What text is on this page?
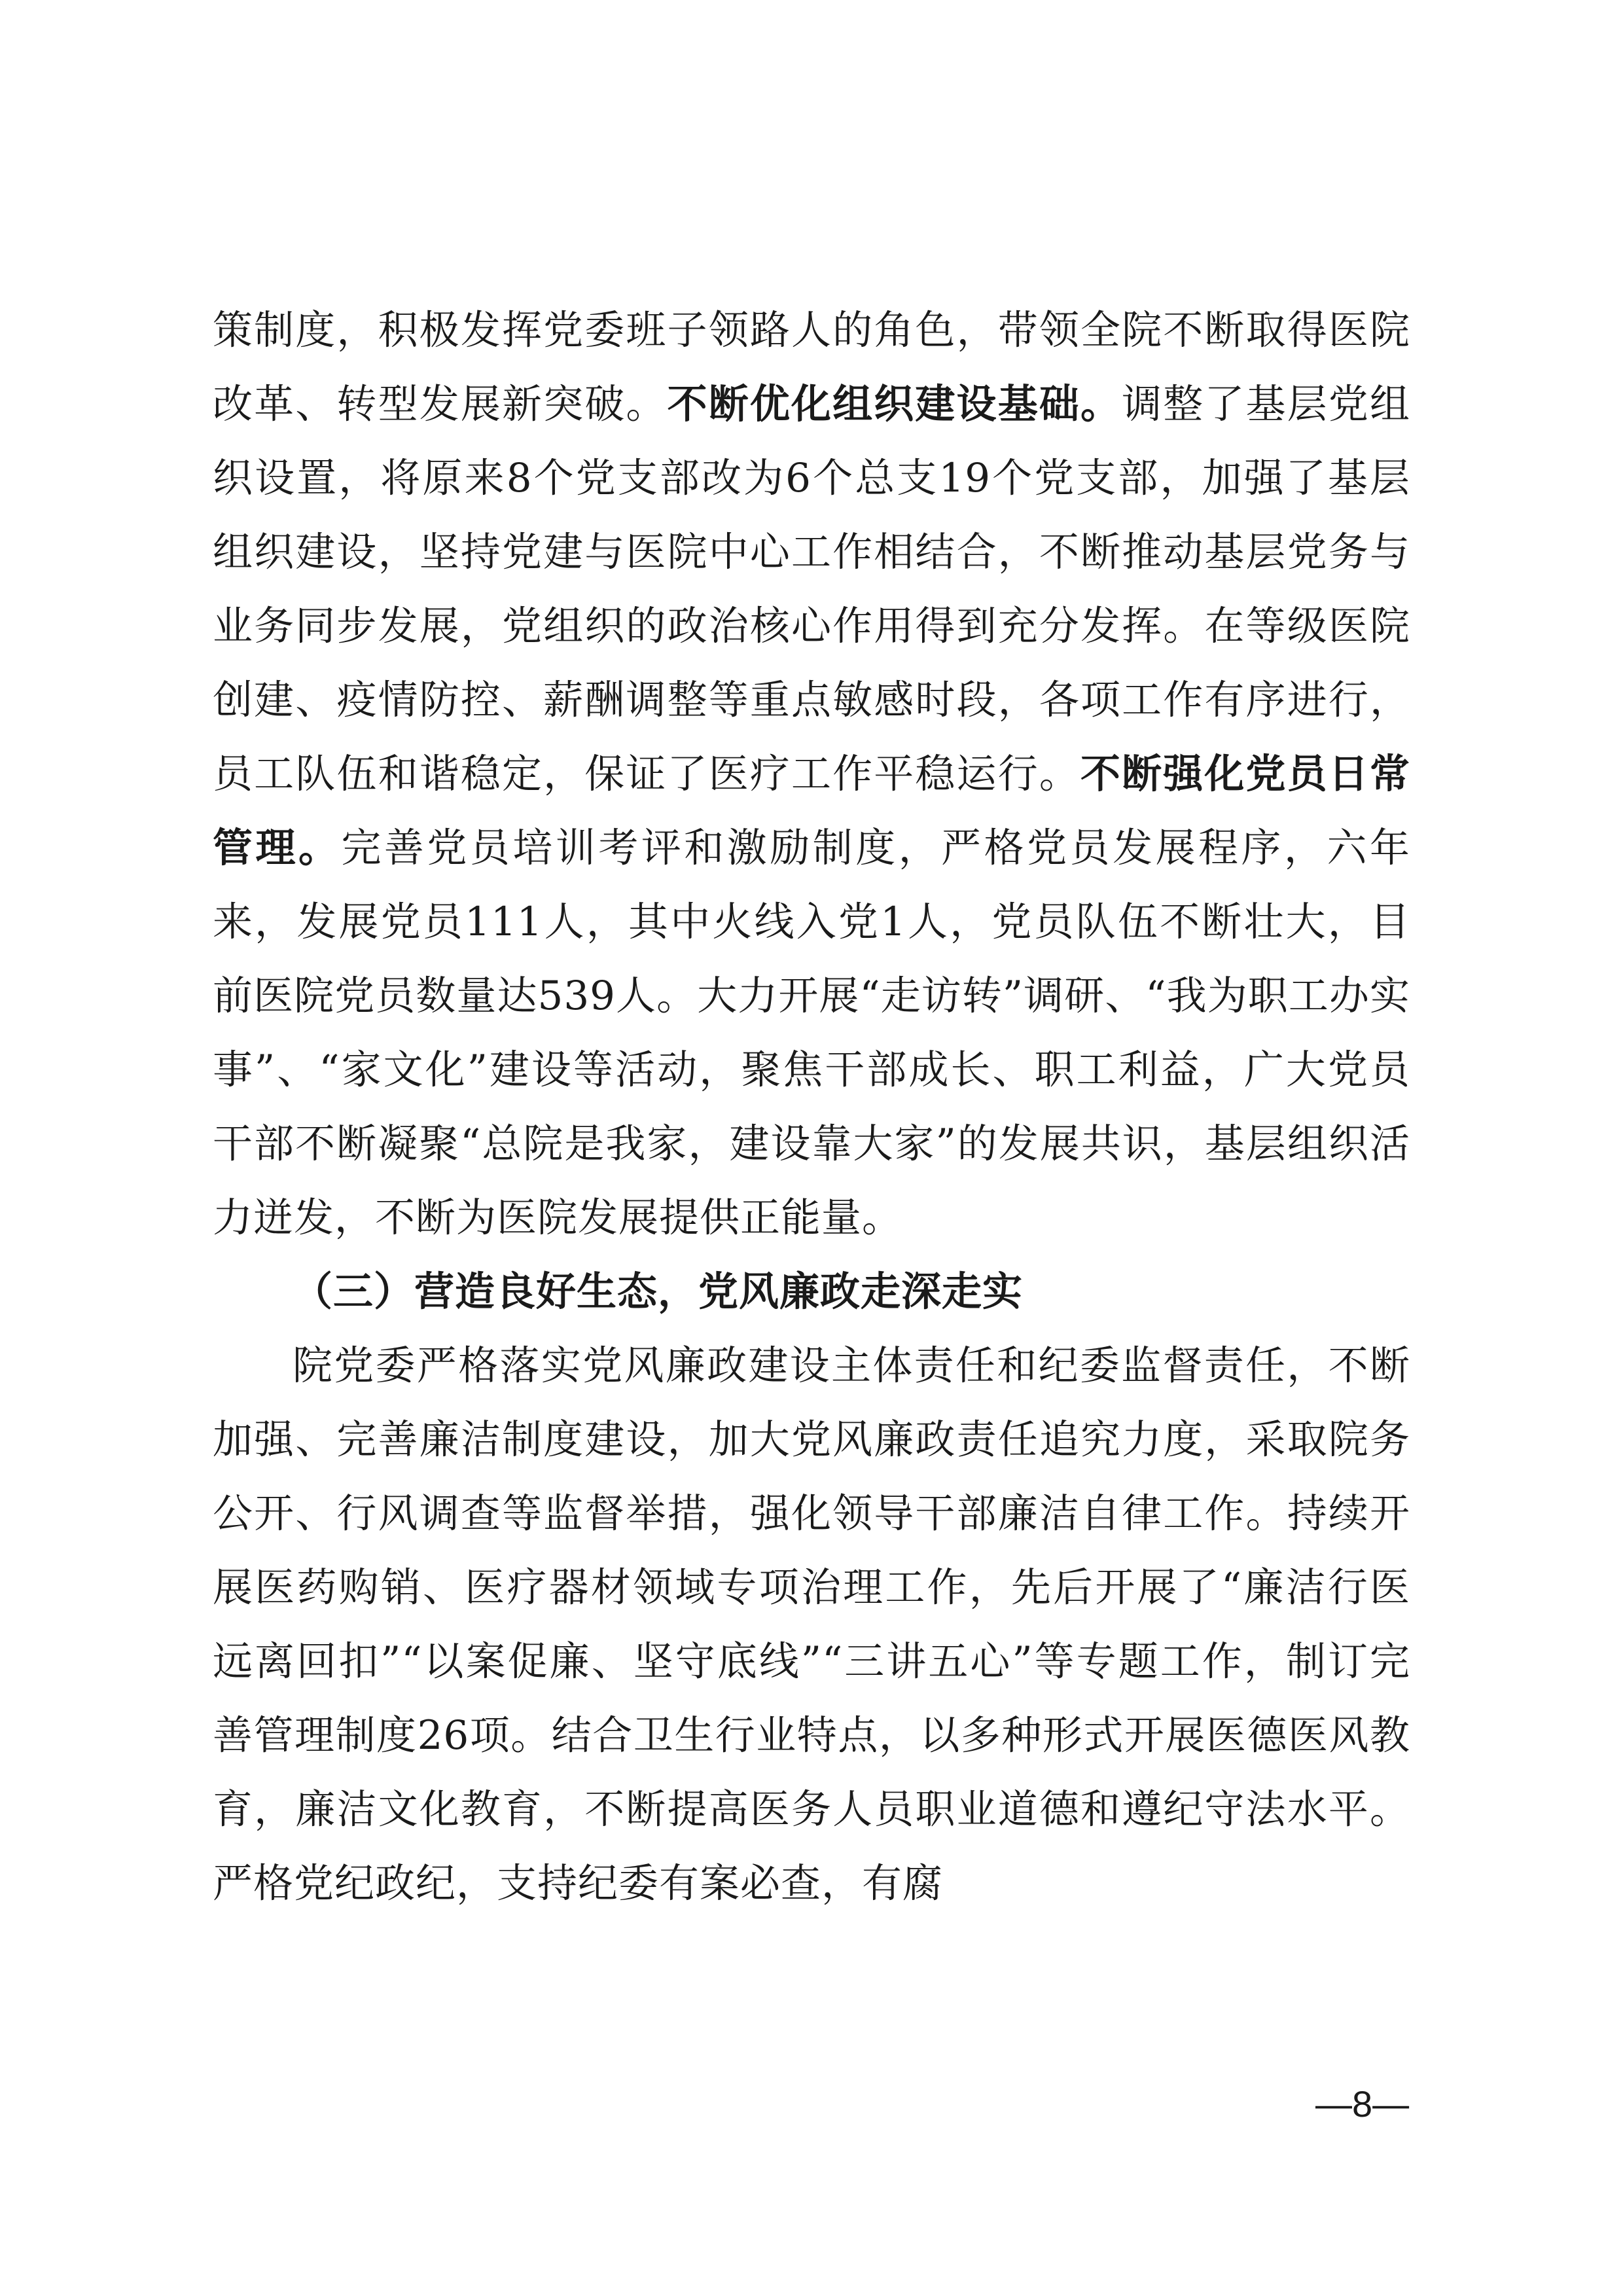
策制度，积极发挥党委班子领路人的角色，带领全院不断取得医院改革、转型发展新突破。不断优化组织建设基础。调整了基层党组织设置，将原来8个党支部改为6个总支19个党支部，加强了基层组织建设，坚持党建与医院中心工作相结合，不断推动基层党务与业务同步发展，党组织的政治核心作用得到充分发挥。在等级医院创建、疫情防控、薪酬调整等重点敏感时段，各项工作有序进行，员工队伍和谐稳定，保证了医疗工作平稳运行。不断强化党员日常管理。完善党员培训考评和激励制度，严格党员发展程序，六年来，发展党员111人，其中火线入党1人，党员队伍不断壮大，目前医院党员数量达539人。大力开展“走访转”调研、“我为职工办实事”、“家文化”建设等活动，聚焦干部成长、职工利益，广大党员干部不断凝聚“总院是我家，建设靠大家”的发展共识，基层组织活力迸发，不断为医院发展提供正能量。

（三）营造良好生态，党风廉政走深走实

院党委严格落实党风廉政建设主体责任和纪委监督责任，不断加强、完善廉洁制度建设，加大党风廉政责任追究力度，采取院务公开、行风调查等监督举措，强化领导干部廉洁自律工作。持续开展医药购销、医疗器材领域专项治理工作，先后开展了“廉洁行医 远离回扣”“以案促廉、坚守底线”“三讲五心”等专题工作，制订完善管理制度26项。结合卫生行业特点，以多种形式开展医德医风教育，廉洁文化教育，不断提高医务人员职业道德和遵纪守法水平。严格党纪政纪，支持纪委有案必查，有腐

—8—
